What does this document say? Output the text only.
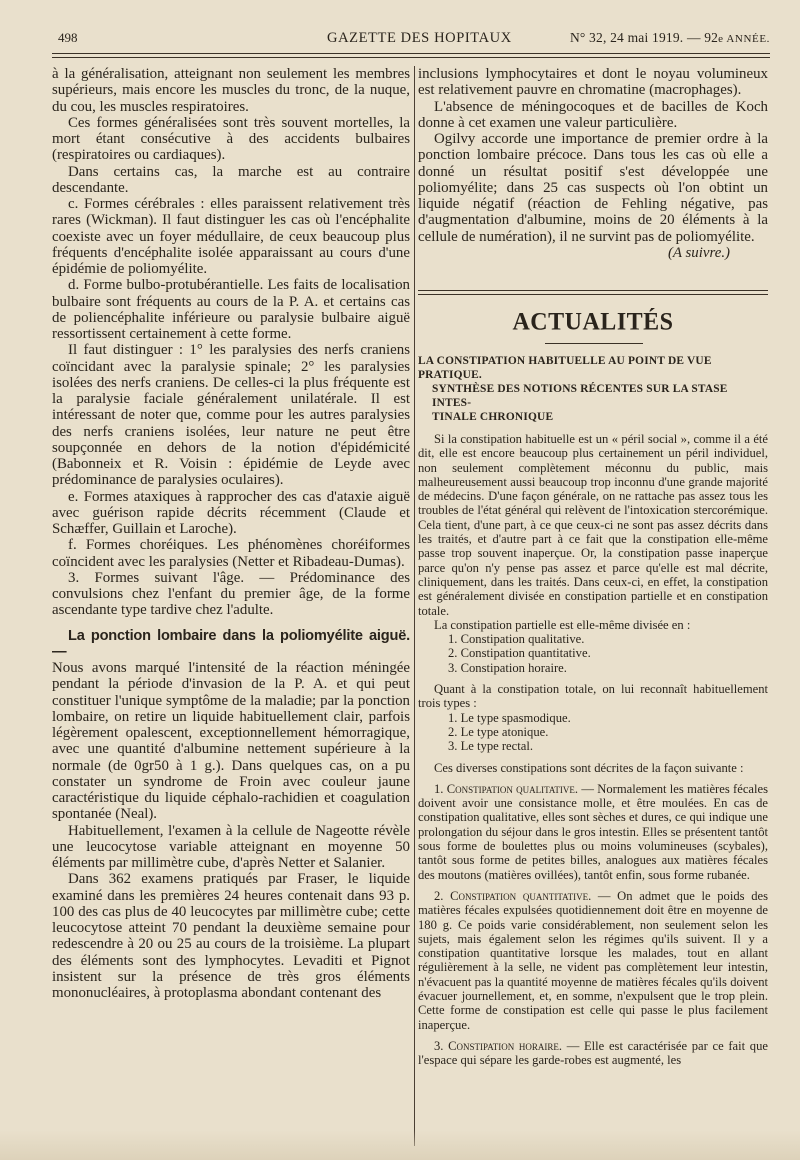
498	GAZETTE DES HOPITAUX	N° 32, 24 mai 1919. — 92e ANNÉE.

à la généralisation, atteignant non seulement les membres supérieurs, mais encore les muscles du tronc, de la nuque, du cou, les muscles respiratoires.

Ces formes généralisées sont très souvent mortelles, la mort étant consécutive à des accidents bulbaires (respiratoires ou cardiaques).

Dans certains cas, la marche est au contraire descendante.

c. Formes cérébrales : elles paraissent relativement très rares (Wickman). Il faut distinguer les cas où l'encéphalite coexiste avec un foyer médullaire, de ceux beaucoup plus fréquents d'encéphalite isolée apparaissant au cours d'une épidémie de poliomyélite.

d. Forme bulbo-protubérantielle. Les faits de localisation bulbaire sont fréquents au cours de la P. A. et certains cas de poliencéphalite inférieure ou paralysie bulbaire aiguë ressortissent certainement à cette forme.

Il faut distinguer : 1° les paralysies des nerfs craniens coïncidant avec la paralysie spinale; 2° les paralysies isolées des nerfs craniens. De celles-ci la plus fréquente est la paralysie faciale généralement unilatérale. Il est intéressant de noter que, comme pour les autres paralysies des nerfs craniens isolées, leur nature ne peut être soupçonnée en dehors de la notion d'épidémicité (Babonneix et R. Voisin : épidémie de Leyde avec prédominance de paralysies oculaires).

e. Formes ataxiques à rapprocher des cas d'ataxie aiguë avec guérison rapide décrits récemment (Claude et Schæffer, Guillain et Laroche).

f. Formes choréiques. Les phénomènes choréiformes coïncident avec les paralysies (Netter et Ribadeau-Dumas).

3. Formes suivant l'âge. — Prédominance des convulsions chez l'enfant du premier âge, de la forme ascendante type tardive chez l'adulte.

La ponction lombaire dans la poliomyélite aiguë. —

Nous avons marqué l'intensité de la réaction méningée pendant la période d'invasion de la P. A. et qui peut constituer l'unique symptôme de la maladie; par la ponction lombaire, on retire un liquide habituellement clair, parfois légèrement opalescent, exceptionnellement hémorragique, avec une quantité d'albumine nettement supérieure à la normale (de 0gr50 à 1 g.). Dans quelques cas, on a pu constater un syndrome de Froin avec couleur jaune caractéristique du liquide céphalo-rachidien et coagulation spontanée (Neal).

Habituellement, l'examen à la cellule de Nageotte révèle une leucocytose variable atteignant en moyenne 50 éléments par millimètre cube, d'après Netter et Salanier.

Dans 362 examens pratiqués par Fraser, le liquide examiné dans les premières 24 heures contenait dans 93 p. 100 des cas plus de 40 leucocytes par millimètre cube; cette leucocytose atteint 70 pendant la deuxième semaine pour redescendre à 20 ou 25 au cours de la troisième. La plupart des éléments sont des lymphocytes. Levaditi et Pignot insistent sur la présence de très gros éléments mononucléaires, à protoplasma abondant contenant des

inclusions lymphocytaires et dont le noyau volumineux est relativement pauvre en chromatine (macrophages).

L'absence de méningocoques et de bacilles de Koch donne à cet examen une valeur particulière.

Ogilvy accorde une importance de premier ordre à la ponction lombaire précoce. Dans tous les cas où elle a donné un résultat positif s'est développée une poliomyélite; dans 25 cas suspects où l'on obtint un liquide négatif (réaction de Fehling négative, pas d'augmentation d'albumine, moins de 20 éléments à la cellule de numération), il ne survint pas de poliomyélite.

(A suivre.)

ACTUALITÉS

LA CONSTIPATION HABITUELLE AU POINT DE VUE PRATIQUE.

SYNTHÈSE DES NOTIONS RÉCENTES SUR LA STASE INTES-

TINALE CHRONIQUE

Si la constipation habituelle est un « péril social », comme il a été dit, elle est encore beaucoup plus certainement un péril individuel, non seulement complètement méconnu du public, mais malheureusement aussi beaucoup trop inconnu d'une grande majorité de médecins. D'une façon générale, on ne rattache pas assez tous les troubles de l'état général qui relèvent de l'intoxication stercorémique. Cela tient, d'une part, à ce que ceux-ci ne sont pas assez décrits dans les traités, et d'autre part à ce fait que la constipation elle-même passe trop souvent inaperçue. Or, la constipation passe inaperçue parce qu'on n'y pense pas assez et parce qu'elle est mal décrite, cliniquement, dans les traités. Dans ceux-ci, en effet, la constipation est généralement divisée en constipation partielle et en constipation totale.

La constipation partielle est elle-même divisée en :

1. Constipation qualitative.
2. Constipation quantitative.
3. Constipation horaire.

Quant à la constipation totale, on lui reconnaît habituellement trois types :

1. Le type spasmodique.
2. Le type atonique.
3. Le type rectal.

Ces diverses constipations sont décrites de la façon suivante :

1. Constipation qualitative. — Normalement les matières fécales doivent avoir une consistance molle, et être moulées. En cas de constipation qualitative, elles sont sèches et dures, ce qui indique une prolongation du séjour dans le gros intestin. Elles se présentent tantôt sous forme de boulettes plus ou moins volumineuses (scybales), tantôt sous forme de petites billes, analogues aux matières fécales des moutons (matières ovillées), tantôt enfin, sous forme rubanée.

2. Constipation quantitative. — On admet que le poids des matières fécales expulsées quotidiennement doit être en moyenne de 180 g. Ce poids varie considérablement, non seulement selon les sujets, mais également selon les régimes qu'ils suivent. Il y a constipation quantitative lorsque les malades, tout en allant régulièrement à la selle, ne vident pas complètement leur intestin, n'évacuent pas la quantité moyenne de matières fécales qu'ils doivent évacuer journellement, et, en somme, n'expulsent que le trop plein. Cette forme de constipation est celle qui passe le plus facilement inaperçue.

3. Constipation horaire. — Elle est caractérisée par ce fait que l'espace qui sépare les garde-robes est augmenté, les
